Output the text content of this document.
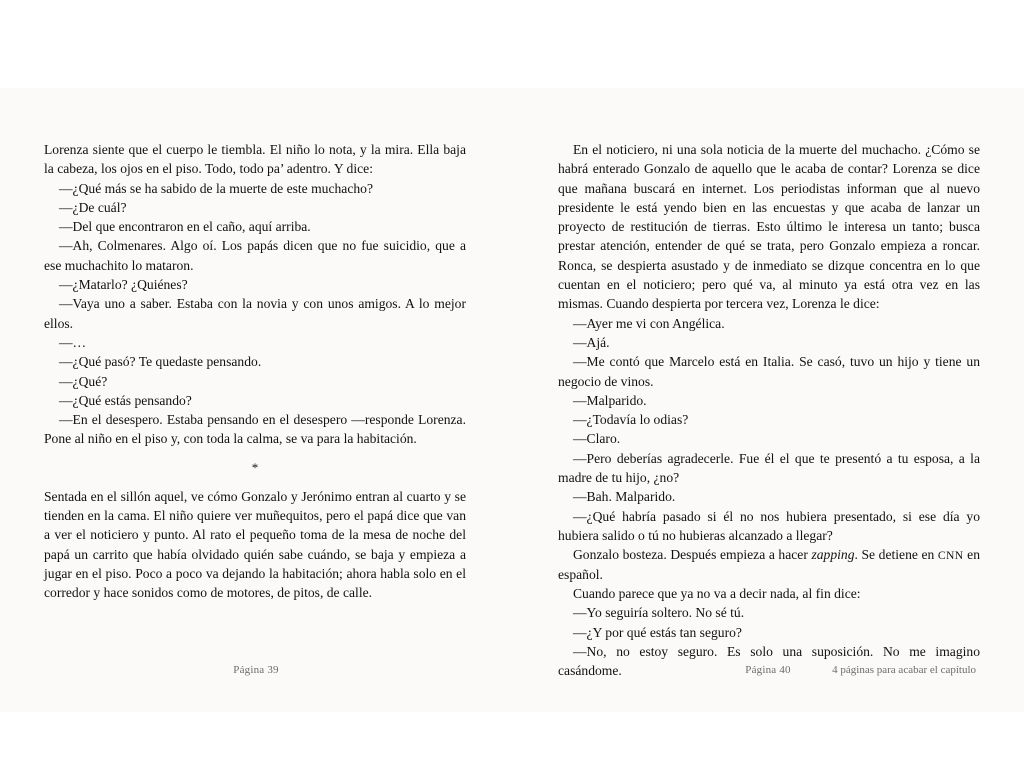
Lorenza siente que el cuerpo le tiembla. El niño lo nota, y la mira. Ella baja la cabeza, los ojos en el piso. Todo, todo pa’ adentro. Y dice:

—¿Qué más se ha sabido de la muerte de este muchacho?

—¿De cuál?

—Del que encontraron en el caño, aquí arriba.

—Ah, Colmenares. Algo oí. Los papás dicen que no fue suicidio, que a ese muchachito lo mataron.

—¿Matarlo? ¿Quiénes?

—Vaya uno a saber. Estaba con la novia y con unos amigos. A lo mejor ellos.

—…

—¿Qué pasó? Te quedaste pensando.

—¿Qué?

—¿Qué estás pensando?

—En el desespero. Estaba pensando en el desespero —responde Lorenza. Pone al niño en el piso y, con toda la calma, se va para la habitación.

*

Sentada en el sillón aquel, ve cómo Gonzalo y Jerónimo entran al cuarto y se tienden en la cama. El niño quiere ver muñequitos, pero el papá dice que van a ver el noticiero y punto. Al rato el pequeño toma de la mesa de noche del papá un carrito que había olvidado quién sabe cuándo, se baja y empieza a jugar en el piso. Poco a poco va dejando la habitación; ahora habla solo en el corredor y hace sonidos como de motores, de pitos, de calle.

Página 39

En el noticiero, ni una sola noticia de la muerte del muchacho. ¿Cómo se habrá enterado Gonzalo de aquello que le acaba de contar? Lorenza se dice que mañana buscará en internet. Los periodistas informan que al nuevo presidente le está yendo bien en las encuestas y que acaba de lanzar un proyecto de restitución de tierras. Esto último le interesa un tanto; busca prestar atención, entender de qué se trata, pero Gonzalo empieza a roncar. Ronca, se despierta asustado y de inmediato se dizque concentra en lo que cuentan en el noticiero; pero qué va, al minuto ya está otra vez en las mismas. Cuando despierta por tercera vez, Lorenza le dice:

—Ayer me vi con Angélica.

—Ajá.

—Me contó que Marcelo está en Italia. Se casó, tuvo un hijo y tiene un negocio de vinos.

—Malparido.

—¿Todavía lo odias?

—Claro.

—Pero deberías agradecerle. Fue él el que te presentó a tu esposa, a la madre de tu hijo, ¿no?

—Bah. Malparido.

—¿Qué habría pasado si él no nos hubiera presentado, si ese día yo hubiera salido o tú no hubieras alcanzado a llegar?

Gonzalo bosteza. Después empieza a hacer zapping. Se detiene en CNN en español.

Cuando parece que ya no va a decir nada, al fin dice:

—Yo seguiría soltero. No sé tú.

—¿Y por qué estás tan seguro?

—No, no estoy seguro. Es solo una suposición. No me imagino casándome.	Página 40	4 páginas para acabar el capítulo
